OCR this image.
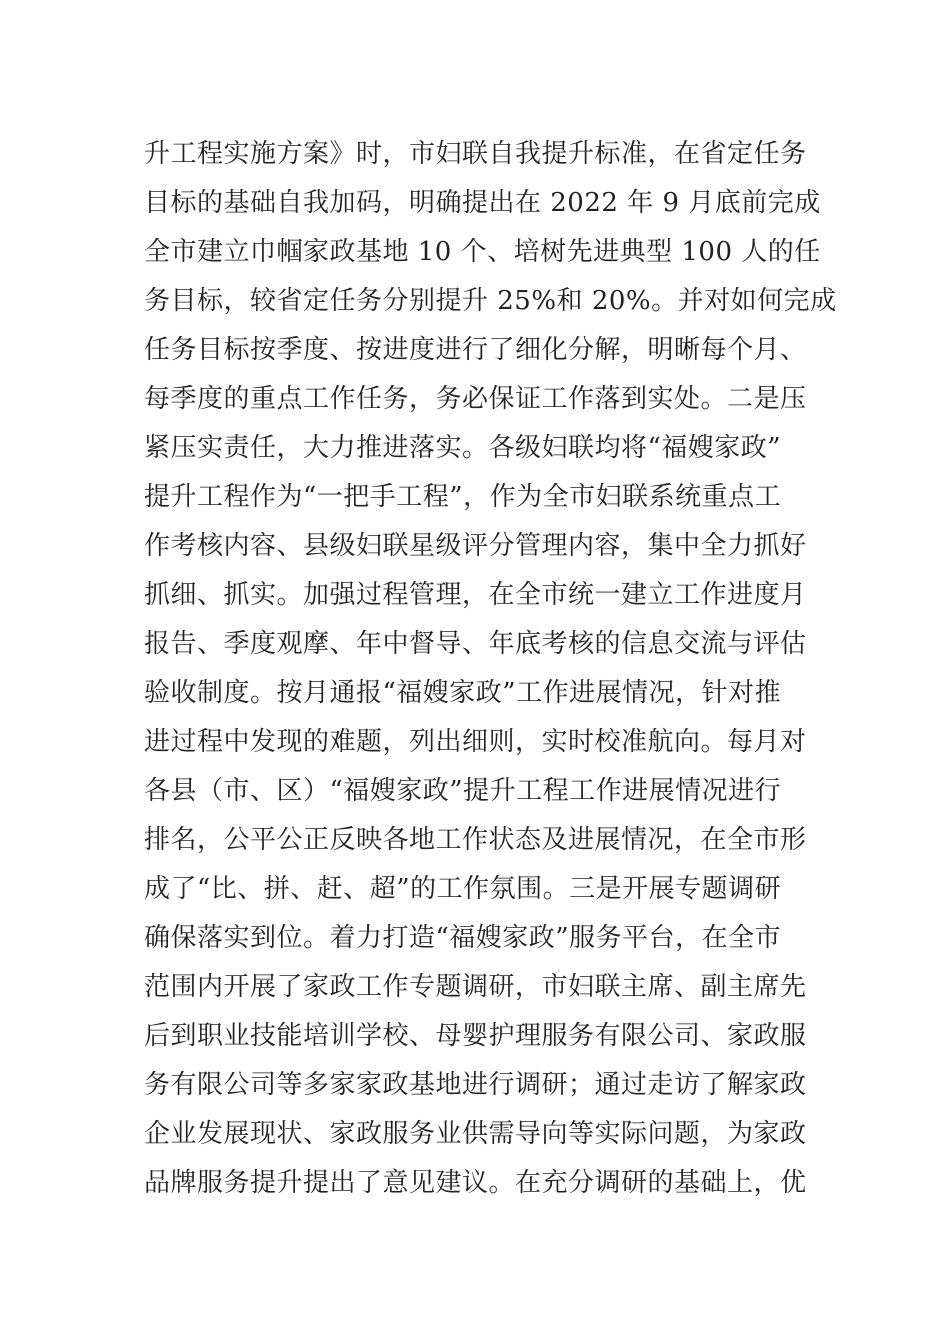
升工程实施方案》时，市妇联自我提升标准，在省定任务
目标的基础自我加码，明确提出在 2022 年 9 月底前完成
全市建立巾帼家政基地 10 个、培树先进典型 100 人的任
务目标，较省定任务分别提升 25%和 20%。并对如何完成
任务目标按季度、按进度进行了细化分解，明晰每个月、
每季度的重点工作任务，务必保证工作落到实处。二是压
紧压实责任，大力推进落实。各级妇联均将“福嫂家政”
提升工程作为“一把手工程”，作为全市妇联系统重点工
作考核内容、县级妇联星级评分管理内容，集中全力抓好
抓细、抓实。加强过程管理，在全市统一建立工作进度月
报告、季度观摩、年中督导、年底考核的信息交流与评估
验收制度。按月通报“福嫂家政”工作进展情况，针对推
进过程中发现的难题，列出细则，实时校准航向。每月对
各县（市、区）“福嫂家政”提升工程工作进展情况进行
排名，公平公正反映各地工作状态及进展情况，在全市形
成了“比、拼、赶、超”的工作氛围。三是开展专题调研
确保落实到位。着力打造“福嫂家政”服务平台，在全市
范围内开展了家政工作专题调研，市妇联主席、副主席先
后到职业技能培训学校、母婴护理服务有限公司、家政服
务有限公司等多家家政基地进行调研；通过走访了解家政
企业发展现状、家政服务业供需导向等实际问题，为家政
品牌服务提升提出了意见建议。在充分调研的基础上，优
